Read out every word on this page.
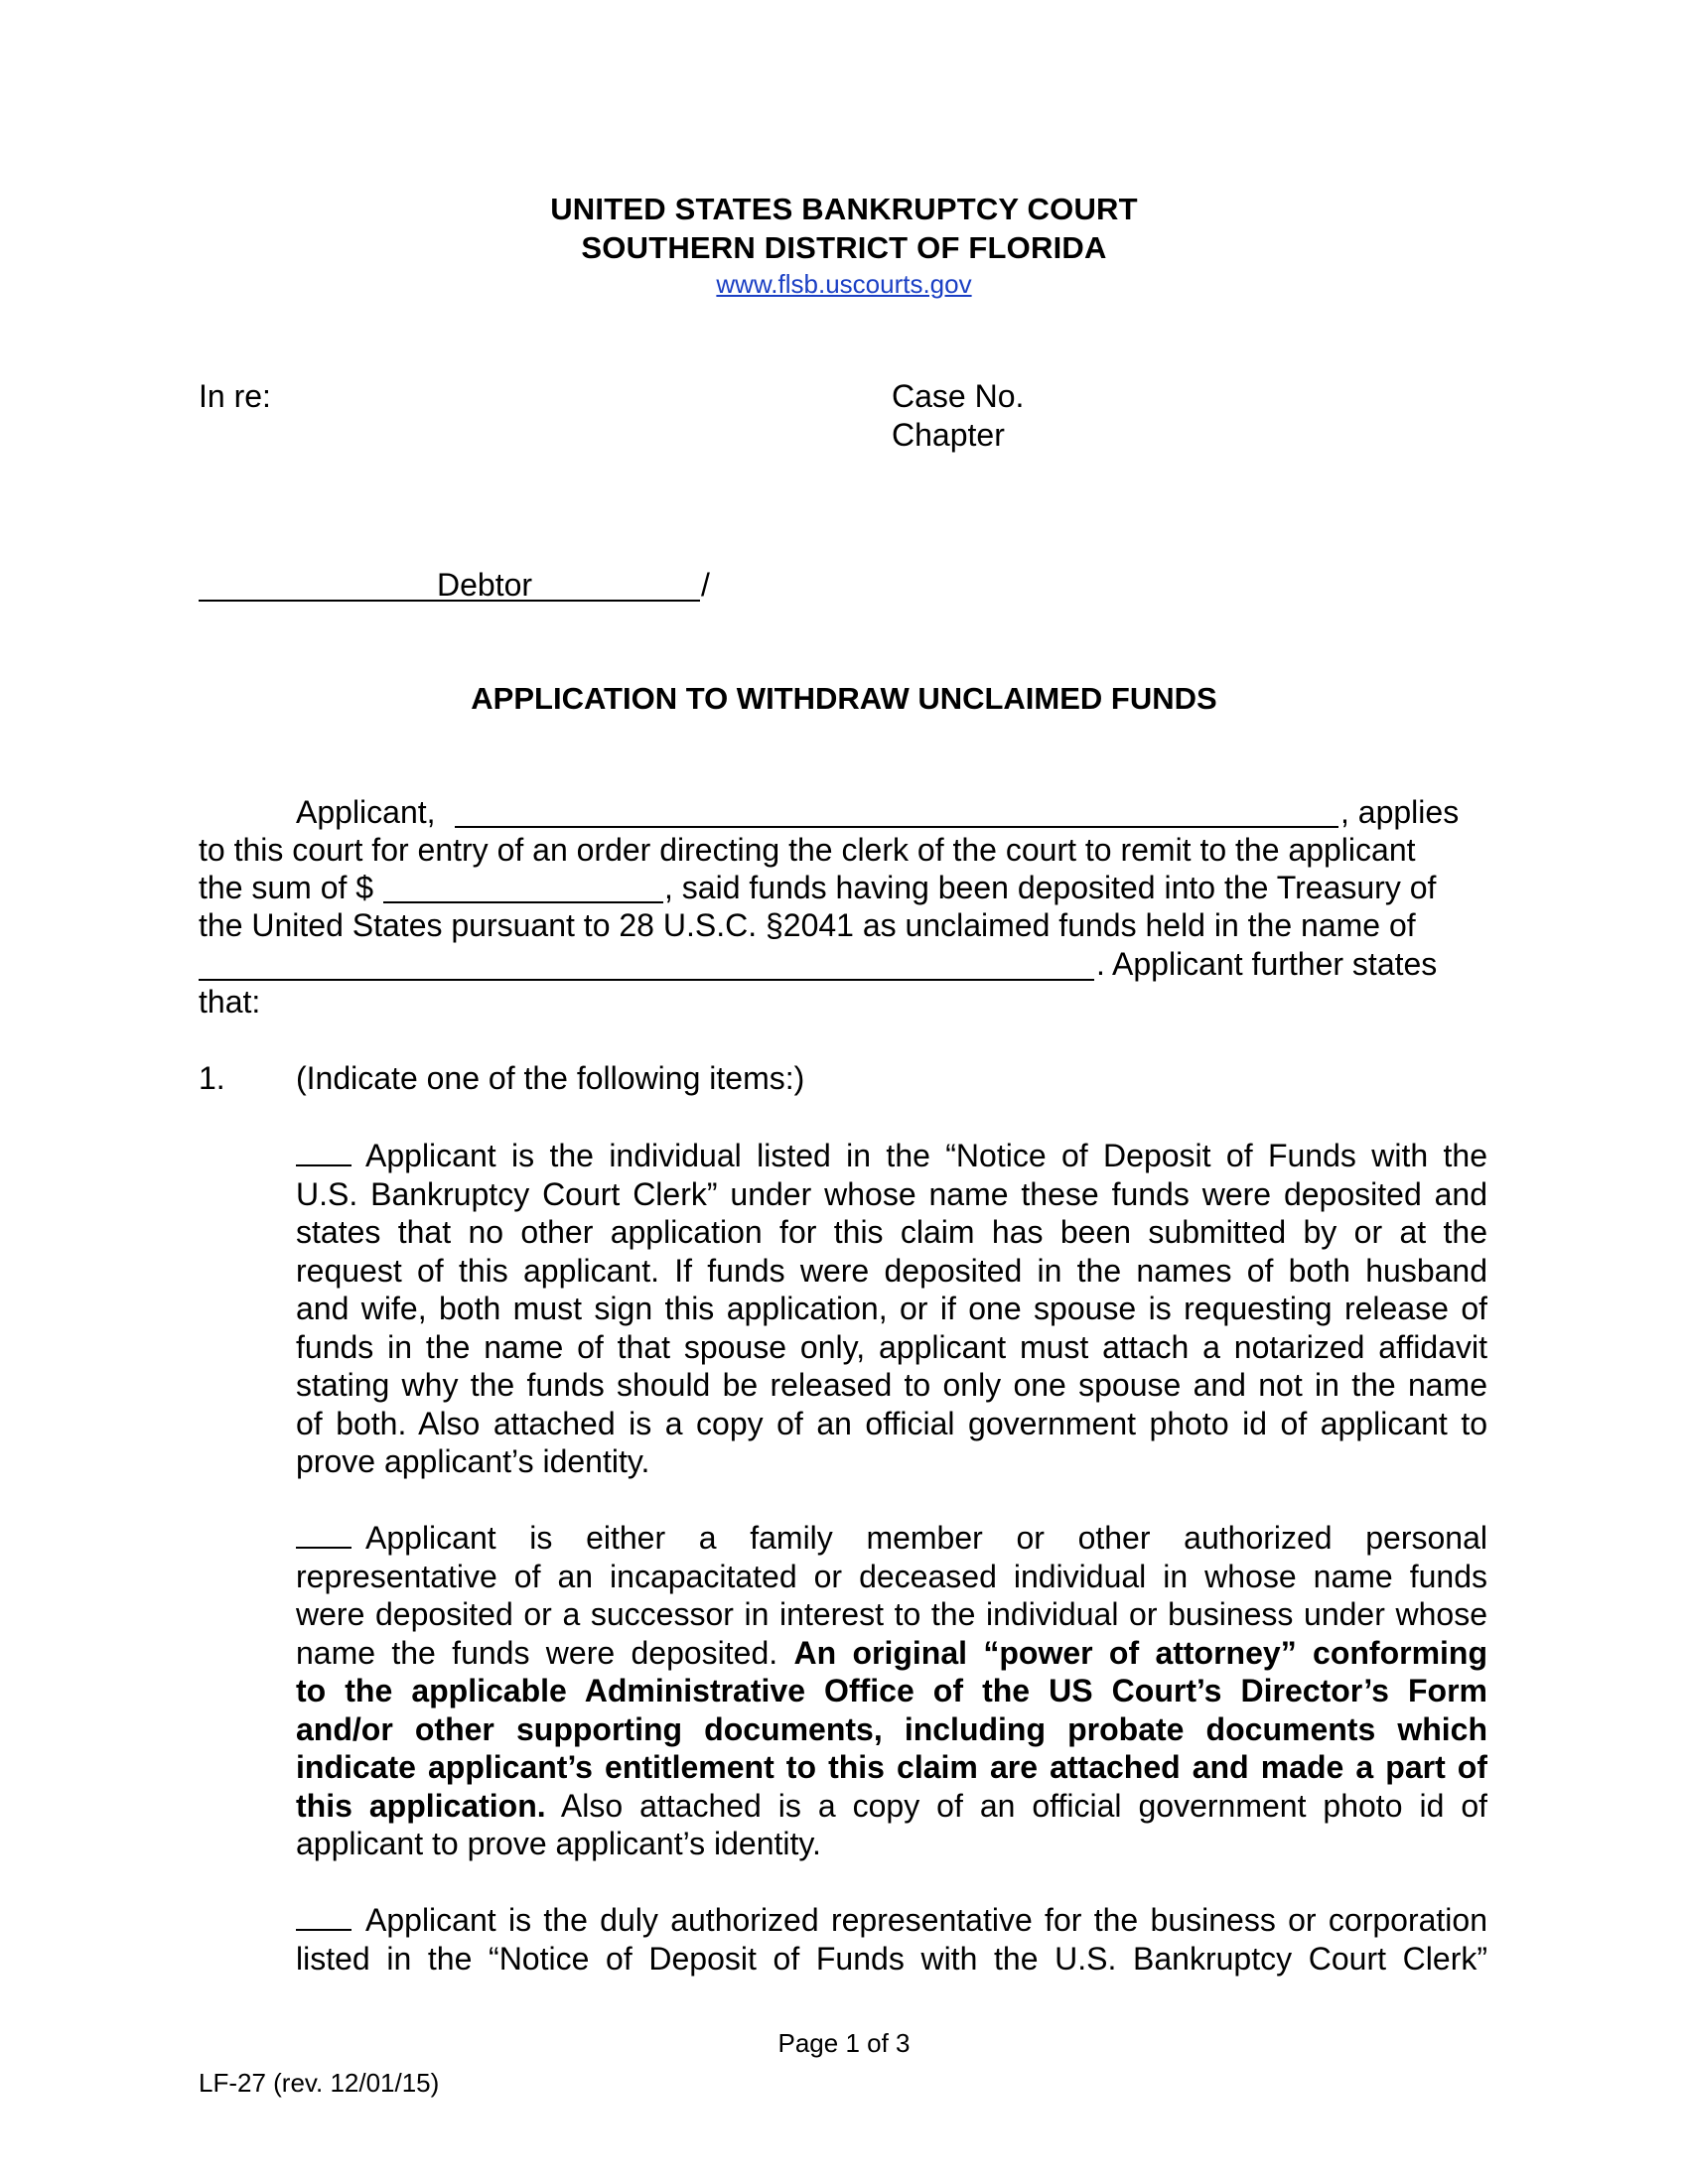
UNITED STATES BANKRUPTCY COURT
SOUTHERN DISTRICT OF FLORIDA
www.flsb.uscourts.gov
In re:	Case No.
Chapter
Debtor	/
APPLICATION TO WITHDRAW UNCLAIMED FUNDS
Applicant,	, applies
to this court for entry of an order directing the clerk of the court to remit to the applicant
the sum of $	, said funds having been deposited into the Treasury of
the United States pursuant to 28 U.S.C. §2041 as unclaimed funds held in the name of
. Applicant further states
that:
1. (Indicate one of the following items:)
Applicant is the individual listed in the “Notice of Deposit of Funds with the
U.S. Bankruptcy Court Clerk” under whose name these funds were deposited and
states that no other application for this claim has been submitted by or at the
request of this applicant. If funds were deposited in the names of both husband
and wife, both must sign this application, or if one spouse is requesting release of
funds in the name of that spouse only, applicant must attach a notarized affidavit
stating why the funds should be released to only one spouse and not in the name
of both. Also attached is a copy of an official government photo id of applicant to
prove applicant’s identity.
Applicant is either a family member or other authorized personal
representative of an incapacitated or deceased individual in whose name funds
were deposited or a successor in interest to the individual or business under whose
name the funds were deposited. An original “power of attorney” conforming
to the applicable Administrative Office of the US Court’s Director’s Form
and/or other supporting documents, including probate documents which
indicate applicant’s entitlement to this claim are attached and made a part of
this application. Also attached is a copy of an official government photo id of
applicant to prove applicant’s identity.
Applicant is the duly authorized representative for the business or corporation
listed in the “Notice of Deposit of Funds with the U.S. Bankruptcy Court Clerk”
Page 1 of 3
LF-27 (rev. 12/01/15)
